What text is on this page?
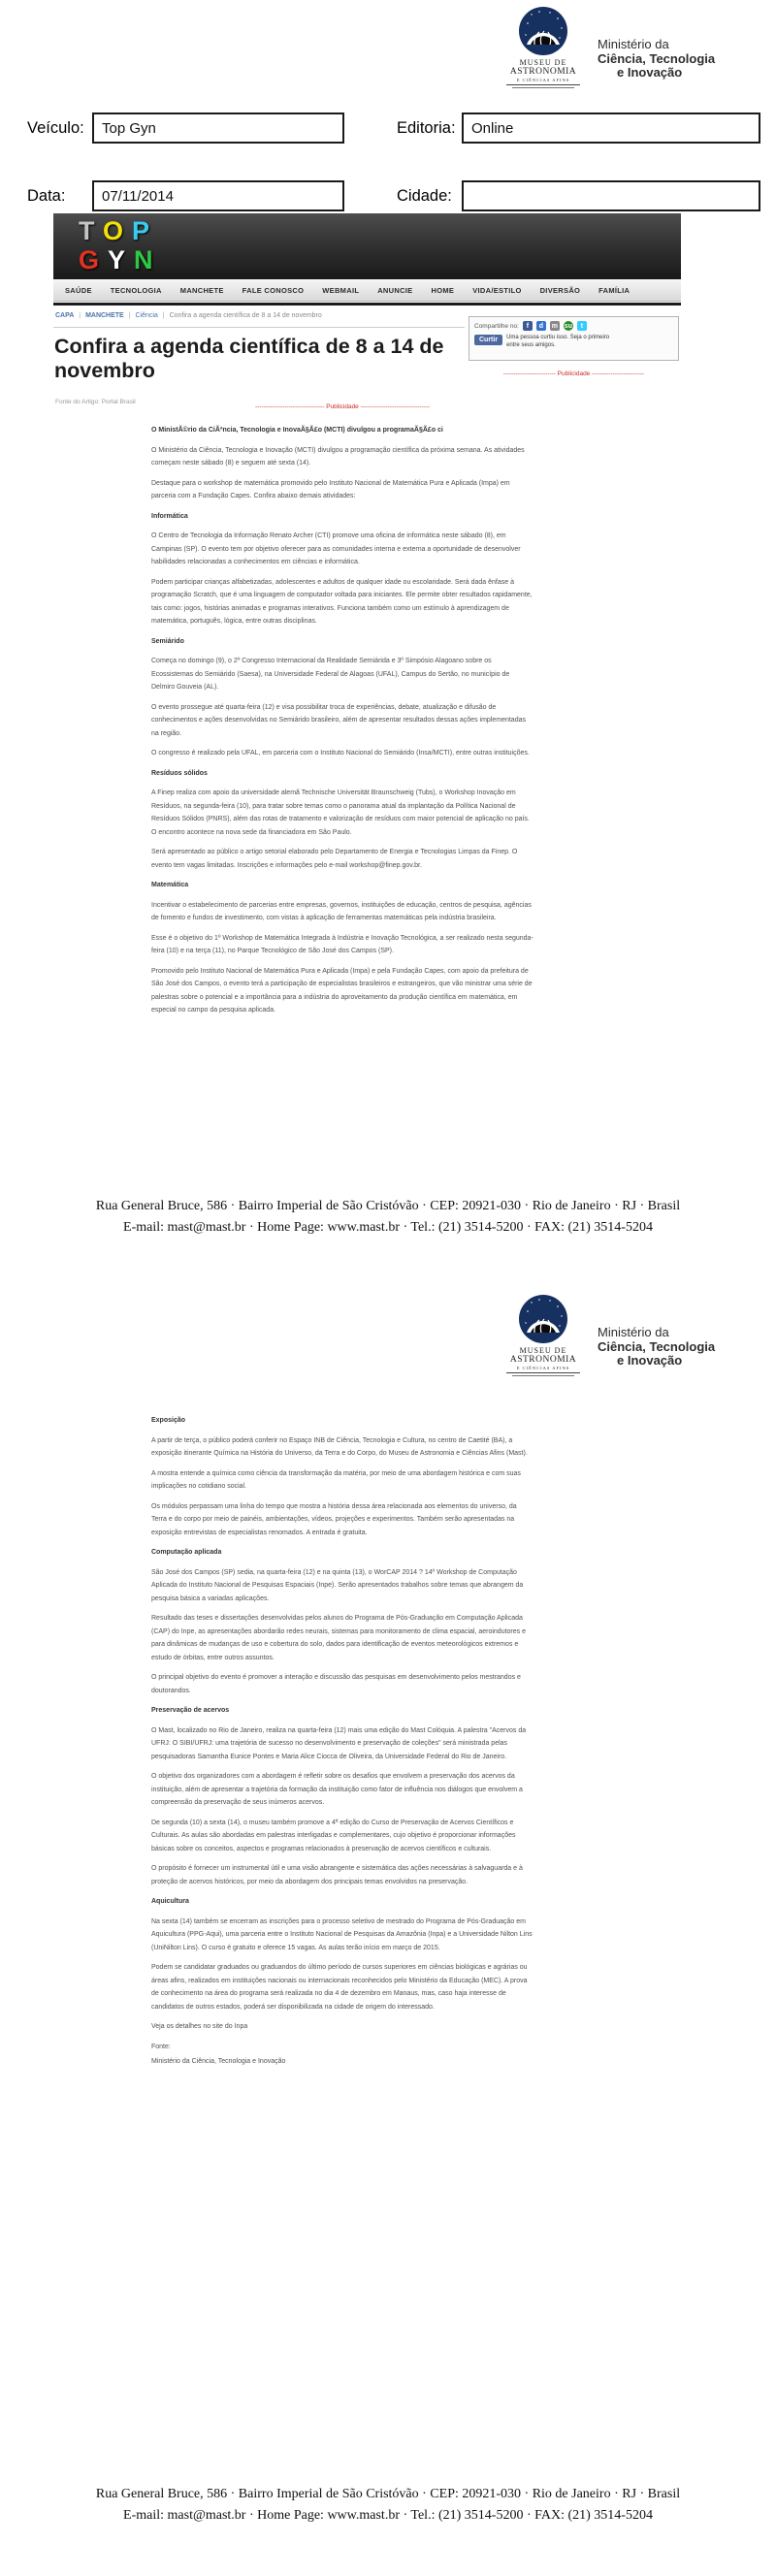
MUSEU DE
ASTRONOMIA
E CIÊNCIAS AFINS
Ministério da
Ciência, Tecnologia
e Inovação
Veículo:
Top Gyn	Editoria:
Online
Data:
07/11/2014	Cidade:
TOP
GYN
SAÚDE	TECNOLOGIA	MANCHETE	FALE CONOSCO	WEBMAIL	ANUNCIE	HOME	VIDA/ESTILO	DIVERSÃO	FAMÍLIA
CAPA | MANCHETE | Ciência | Confira a agenda científica de 8 a 14 de novembro
Confira a agenda científica de 8 a 14 de novembro
Fonte do Artigo: Portal Brasil
--------------------------------- Publicidade ---------------------------------
Compartilhe no:	f	d	m su	t
Curtir	Uma pessoa curtiu isso. Seja o primeiro
entre seus amigos.
------------------------- Publicidade -------------------------
O MinistÃ©rio da CiÃªncia, Tecnologia e InovaÃ§Ã£o (MCTI) divulgou a programaÃ§Ã£o ci
O Ministério da Ciência, Tecnologia e Inovação (MCTI) divulgou a programação científica da próxima semana. As atividades começam neste sábado (8) e seguem até sexta (14).
Destaque para o workshop de matemática promovido pelo Instituto Nacional de Matemática Pura e Aplicada (Impa) em parceria com a Fundação Capes. Confira abaixo demais atividades:
Informática
O Centro de Tecnologia da Informação Renato Archer (CTI) promove uma oficina de informática neste sábado (8), em Campinas (SP). O evento tem por objetivo oferecer para as comunidades interna e externa a oportunidade de desenvolver habilidades relacionadas a conhecimentos em ciências e informática.
Podem participar crianças alfabetizadas, adolescentes e adultos de qualquer idade ou escolaridade. Será dada ênfase à programação Scratch, que é uma linguagem de computador voltada para iniciantes. Ele permite obter resultados rapidamente, tais como: jogos, histórias animadas e programas interativos. Funciona também como um estímulo à aprendizagem de matemática, português, lógica, entre outras disciplinas.
Semiárido
Começa no domingo (9), o 2º Congresso Internacional da Realidade Semiárida e 3º Simpósio Alagoano sobre os Ecossistemas do Semiárido (Saesa), na Universidade Federal de Alagoas (UFAL), Campus do Sertão, no município de Delmiro Gouveia (AL).
O evento prossegue até quarta-feira (12) e visa possibilitar troca de experiências, debate, atualização e difusão de conhecimentos e ações desenvolvidas no Semiárido brasileiro, além de apresentar resultados dessas ações implementadas na região.
O congresso é realizado pela UFAL, em parceria com o Instituto Nacional do Semiárido (Insa/MCTI), entre outras instituições.
Resíduos sólidos
A Finep realiza com apoio da universidade alemã Technische Universität Braunschweig (Tubs), o Workshop Inovação em Resíduos, na segunda-feira (10), para tratar sobre temas como o panorama atual da implantação da Política Nacional de Resíduos Sólidos (PNRS), além das rotas de tratamento e valorização de resíduos com maior potencial de aplicação no país. O encontro acontece na nova sede da financiadora em São Paulo.
Será apresentado ao público o artigo setorial elaborado pelo Departamento de Energia e Tecnologias Limpas da Finep. O evento tem vagas limitadas. Inscrições e informações pelo e-mail workshop@finep.gov.br.
Matemática
Incentivar o estabelecimento de parcerias entre empresas, governos, instituições de educação, centros de pesquisa, agências de fomento e fundos de investimento, com vistas à aplicação de ferramentas matemáticas pela indústria brasileira.
Esse é o objetivo do 1º Workshop de Matemática Integrada à Indústria e Inovação Tecnológica, a ser realizado nesta segunda-feira (10) e na terça (11), no Parque Tecnológico de São José dos Campos (SP).
Promovido pelo Instituto Nacional de Matemática Pura e Aplicada (Impa) e pela Fundação Capes, com apoio da prefeitura de São José dos Campos, o evento terá a participação de especialistas brasileiros e estrangeiros, que vão ministrar uma série de palestras sobre o potencial e a importância para a indústria do aproveitamento da produção científica em matemática, em especial no campo da pesquisa aplicada.
Rua General Bruce, 586 · Bairro Imperial de São Cristóvão · CEP: 20921-030 · Rio de Janeiro · RJ · Brasil
E-mail: mast@mast.br · Home Page: www.mast.br · Tel.: (21) 3514-5200 · FAX: (21) 3514-5204
MUSEU DE
ASTRONOMIA
E CIÊNCIAS AFINS
Ministério da
Ciência, Tecnologia
e Inovação
Exposição
A partir de terça, o público poderá conferir no Espaço INB de Ciência, Tecnologia e Cultura, no centro de Caetité (BA), a exposição itinerante Química na História do Universo, da Terra e do Corpo, do Museu de Astronomia e Ciências Afins (Mast).
A mostra entende a química como ciência da transformação da matéria, por meio de uma abordagem histórica e com suas implicações no cotidiano social.
Os módulos perpassam uma linha do tempo que mostra a história dessa área relacionada aos elementos do universo, da Terra e do corpo por meio de painéis, ambientações, vídeos, projeções e experimentos. Também serão apresentadas na exposição entrevistas de especialistas renomados. A entrada é gratuita.
Computação aplicada
São José dos Campos (SP) sedia, na quarta-feira (12) e na quinta (13), o WorCAP 2014 ? 14º Workshop de Computação Aplicada do Instituto Nacional de Pesquisas Espaciais (Inpe). Serão apresentados trabalhos sobre temas que abrangem da pesquisa básica a variadas aplicações.
Resultado das teses e dissertações desenvolvidas pelos alunos do Programa de Pós-Graduação em Computação Aplicada (CAP) do Inpe, as apresentações abordarão redes neurais, sistemas para monitoramento de clima espacial, aeroindutores e para dinâmicas de mudanças de uso e cobertura do solo, dados para identificação de eventos meteorológicos extremos e estudo de órbitas, entre outros assuntos.
O principal objetivo do evento é promover a interação e discussão das pesquisas em desenvolvimento pelos mestrandos e doutorandos.
Preservação de acervos
O Mast, localizado no Rio de Janeiro, realiza na quarta-feira (12) mais uma edição do Mast Colóquia. A palestra "Acervos da UFRJ: O SIBI/UFRJ: uma trajetória de sucesso no desenvolvimento e preservação de coleções" será ministrada pelas pesquisadoras Samantha Eunice Pontes e Maria Alice Ciocca de Oliveira, da Universidade Federal do Rio de Janeiro.
O objetivo dos organizadores com a abordagem é refletir sobre os desafios que envolvem a preservação dos acervos da instituição, além de apresentar a trajetória da formação da instituição como fator de influência nos diálogos que envolvem a compreensão da preservação de seus inúmeros acervos.
De segunda (10) a sexta (14), o museu também promove a 4ª edição do Curso de Preservação de Acervos Científicos e Culturais. As aulas são abordadas em palestras interligadas e complementares, cujo objetivo é proporcionar informações básicas sobre os conceitos, aspectos e programas relacionados à preservação de acervos científicos e culturais.
O propósito é fornecer um instrumental útil e uma visão abrangente e sistemática das ações necessárias à salvaguarda e à proteção de acervos históricos, por meio da abordagem dos principais temas envolvidos na preservação.
Aquicultura
Na sexta (14) também se encerram as inscrições para o processo seletivo de mestrado do Programa de Pós-Graduação em Aquicultura (PPG-Aqui), uma parceria entre o Instituto Nacional de Pesquisas da Amazônia (Inpa) e a Universidade Nilton Lins (UniNilton Lins). O curso é gratuito e oferece 15 vagas. As aulas terão início em março de 2015.
Podem se candidatar graduados ou graduandos do último período de cursos superiores em ciências biológicas e agrárias ou áreas afins, realizados em instituições nacionais ou internacionais reconhecidos pelo Ministério da Educação (MEC). A prova de conhecimento na área do programa será realizada no dia 4 de dezembro em Manaus, mas, caso haja interesse de candidatos de outros estados, poderá ser disponibilizada na cidade de origem do interessado.
Veja os detalhes no site do Inpa
Fonte:
Ministério da Ciência, Tecnologia e Inovação
Rua General Bruce, 586 · Bairro Imperial de São Cristóvão · CEP: 20921-030 · Rio de Janeiro · RJ · Brasil
E-mail: mast@mast.br · Home Page: www.mast.br · Tel.: (21) 3514-5200 · FAX: (21) 3514-5204
